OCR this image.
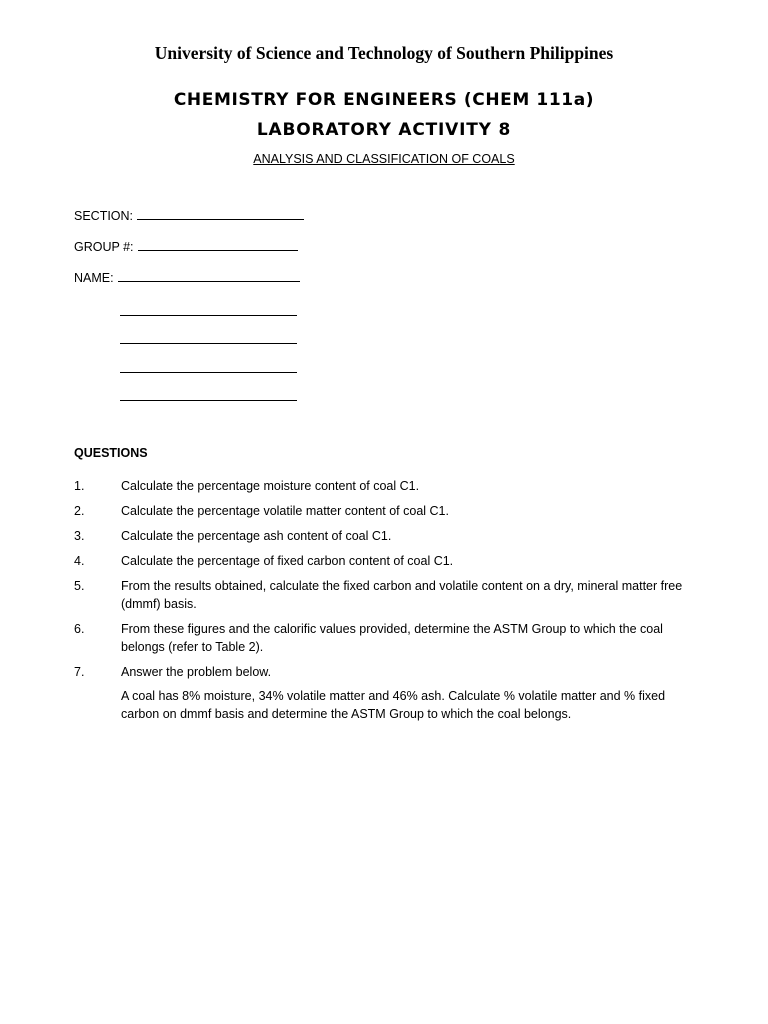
University of Science and Technology of Southern Philippines
CHEMISTRY FOR ENGINEERS (CHEM 111a)
LABORATORY ACTIVITY 8
ANALYSIS AND CLASSIFICATION OF COALS
SECTION:
GROUP #:
NAME:
QUESTIONS
1.	Calculate the percentage moisture content of coal C1.
2.	Calculate the percentage volatile matter content of coal C1.
3.	Calculate the percentage ash content of coal C1.
4.	Calculate the percentage of fixed carbon content of coal C1.
5.	From the results obtained, calculate the fixed carbon and volatile content on a dry, mineral matter free (dmmf) basis.
6.	From these figures and the calorific values provided, determine the ASTM Group to which the coal belongs (refer to Table 2).
7.	Answer the problem below.
A coal has 8% moisture, 34% volatile matter and 46% ash. Calculate % volatile matter and % fixed carbon on dmmf basis and determine the ASTM Group to which the coal belongs.
